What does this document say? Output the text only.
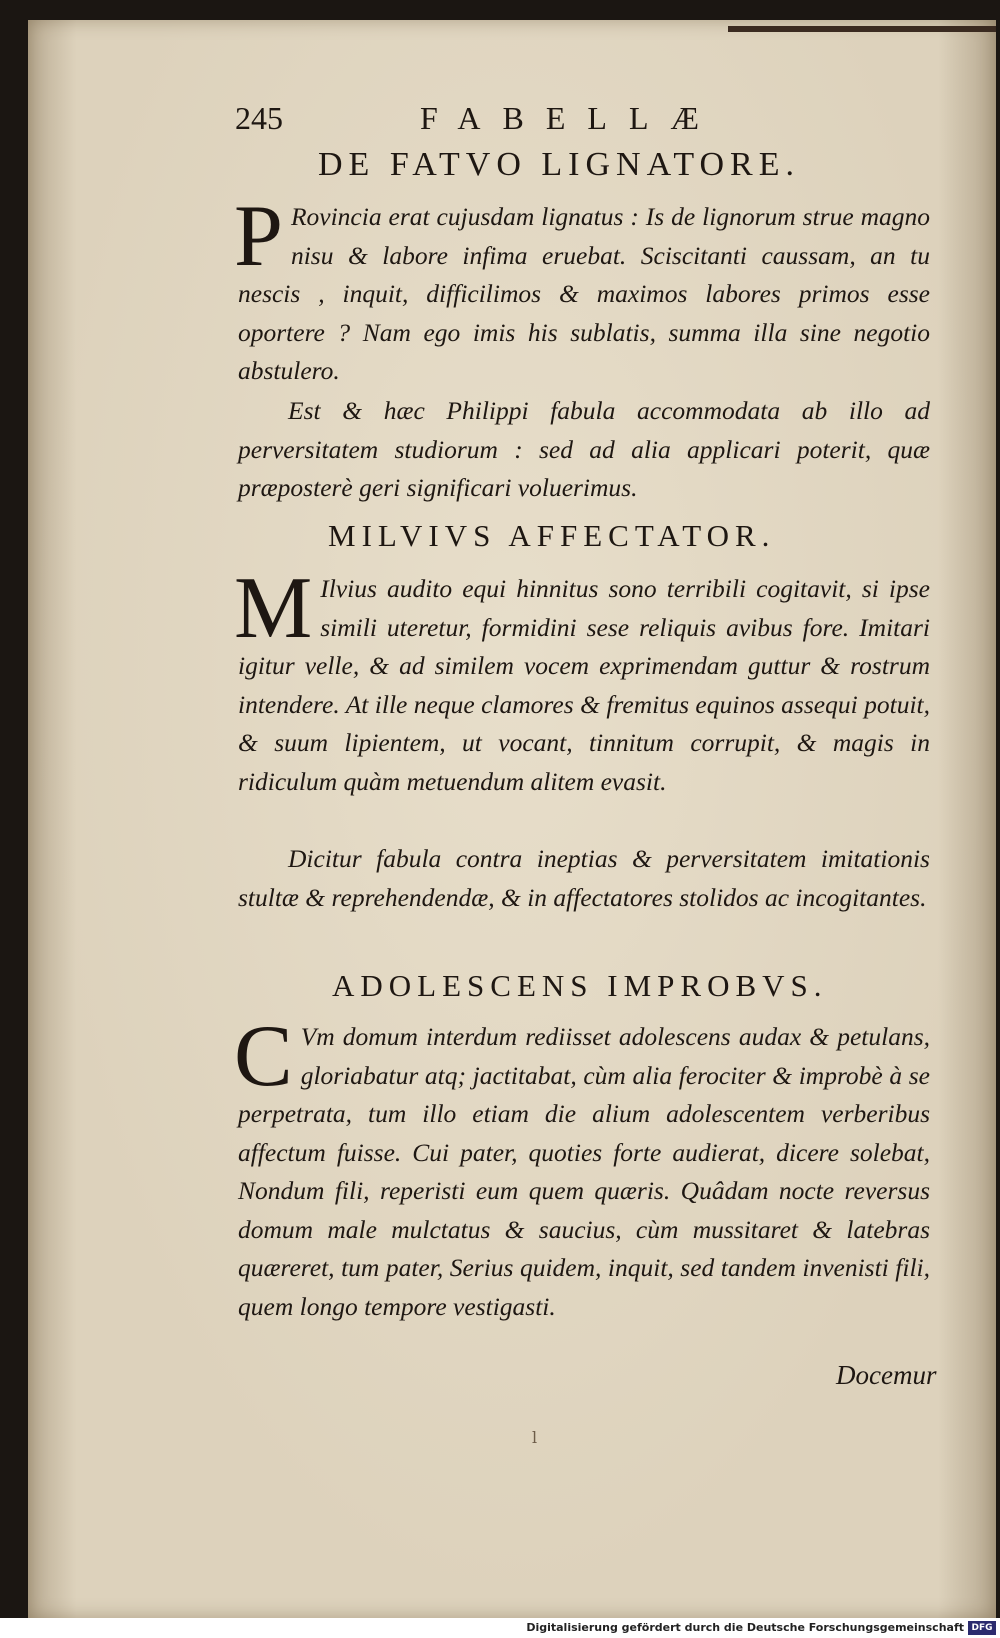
245	FABELLÆ
DE FATVO LIGNATORE.
P Rovincia erat cujusdam lignatus : Is de lignorum strue magno nisu & labore infima eruebat. Sciscitanti caussam, an tu nescis , inquit, difficilimos & maximos labores primos esse oportere ? Nam ego imis his sublatis, summa illa sine negotio abstulero.
Est & hæc Philippi fabula accommodata ab illo ad perversitatem studiorum : sed ad alia applicari poterit, quæ præposterè geri significari voluerimus.
MILVIVS AFFECTATOR.
M Ilvius audito equi hinnitus sono terribili cogitavit, si ipse simili uteretur, formidini sese reliquis avibus fore. Imitari igitur velle, & ad similem vocem exprimendam guttur & rostrum intendere. At ille neque clamores & fremitus equinos assequi potuit, & suum lipientem, ut vocant, tinnitum corrupit, & magis in ridiculum quàm metuendum alitem evasit.
Dicitur fabula contra ineptias & perversitatem imitationis stultæ & reprehendendæ, & in affectatores stolidos ac incogitantes.
ADOLESCENS IMPROBVS.
C Vm domum interdum rediisset adolescens audax & petulans, gloriabatur atq; jactitabat, cùm alia ferociter & improbè à se perpetrata, tum illo etiam die alium adolescentem verberibus affectum fuisse. Cui pater, quoties forte audierat, dicere solebat, Nondum fili, reperisti eum quem quæris. Quâdam nocte reversus domum male mulctatus & saucius, cùm mussitaret & latebras quæreret, tum pater, Serius quidem, inquit, sed tandem invenisti fili, quem longo tempore vestigasti.
Docemur
l
Digitalisierung gefördert durch die Deutsche Forschungsgemeinschaft DFG
